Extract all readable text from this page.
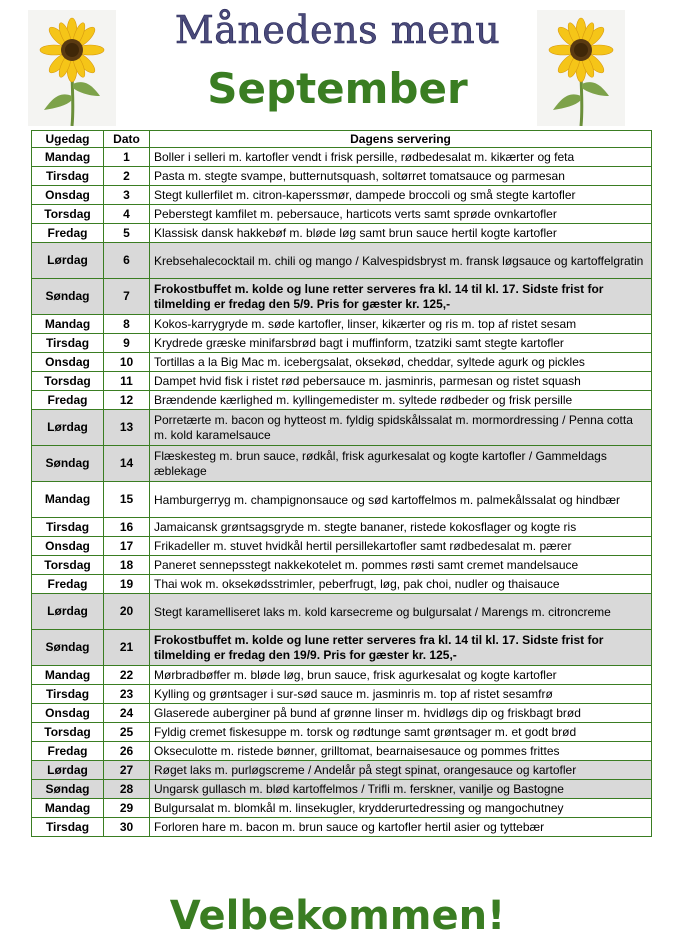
Månedens menu
September
Ugedag	Dato	Dagens servering
Mandag	1	Boller i selleri m. kartofler vendt i frisk persille, rødbedesalat m. kikærter og feta
Tirsdag	2	Pasta m. stegte svampe, butternutsquash, soltørret tomatsauce og parmesan
Onsdag	3	Stegt kullerfilet m. citron-kaperssmør, dampede broccoli og små stegte kartofler
Torsdag	4	Peberstegt kamfilet m. pebersauce, harticots verts samt sprøde ovnkartofler
Fredag	5	Klassisk dansk hakkebøf m. bløde løg samt brun sauce hertil kogte kartofler
Lørdag	6	Krebsehalecocktail m. chili og mango / Kalvespidsbryst m. fransk løgsauce og kartoffelgratin
Søndag	7	Frokostbuffet m. kolde og lune retter serveres fra kl. 14 til kl. 17. Sidste frist for tilmelding er fredag den 5/9. Pris for gæster kr. 125,-
Mandag	8	Kokos-karrygryde m. søde kartofler, linser, kikærter og ris m. top af ristet sesam
Tirsdag	9	Krydrede græske minifarsbrød bagt i muffinform, tzatziki samt stegte kartofler
Onsdag	10	Tortillas a la Big Mac m. icebergsalat, oksekød, cheddar, syltede agurk og pickles
Torsdag	11	Dampet hvid fisk i ristet rød pebersauce m. jasminris, parmesan og ristet squash
Fredag	12	Brændende kærlighed m. kyllingemedister m. syltede rødbeder og frisk persille
Lørdag	13	Porretærte m. bacon og hytteost m. fyldig spidskålssalat m. mormordressing / Penna cotta m. kold karamelsauce
Søndag	14	Flæskesteg m. brun sauce, rødkål, frisk agurkesalat og kogte kartofler / Gammeldags æblekage
Mandag	15	Hamburgerryg m. champignonsauce og sød kartoffelmos m. palmekålssalat og hindbær
Tirsdag	16	Jamaicansk grøntsagsgryde m. stegte bananer, ristede kokosflager og kogte ris
Onsdag	17	Frikadeller m. stuvet hvidkål hertil persillekartofler samt rødbedesalat m. pærer
Torsdag	18	Paneret sennepsstegt nakkekotelet m. pommes røsti samt cremet mandelsauce
Fredag	19	Thai wok m. oksekødsstrimler, peberfrugt, løg, pak choi, nudler og thaisauce
Lørdag	20	Stegt karamelliseret laks m. kold karsecreme og bulgursalat / Marengs m. citroncreme
Søndag	21	Frokostbuffet m. kolde og lune retter serveres fra kl. 14 til kl. 17. Sidste frist for tilmelding er fredag den 19/9. Pris for gæster kr. 125,-
Mandag	22	Mørbradbøffer m. bløde løg, brun sauce, frisk agurkesalat og kogte kartofler
Tirsdag	23	Kylling og grøntsager i sur-sød sauce m. jasminris m. top af ristet sesamfrø
Onsdag	24	Glaserede auberginer på bund af grønne linser m. hvidløgs dip og friskbagt brød
Torsdag	25	Fyldig cremet fiskesuppe m. torsk og rødtunge samt grøntsager m. et godt brød
Fredag	26	Okseculotte m. ristede bønner, grilltomat, bearnaisesauce og pommes frittes
Lørdag	27	Røget laks m. purløgscreme / Andelår på stegt spinat, orangesauce og kartofler
Søndag	28	Ungarsk gullasch m. blød kartoffelmos / Trifli m. ferskner, vanilje og Bastogne
Mandag	29	Bulgursalat m. blomkål m. linsekugler, krydderurtedressing og mangochutney
Tirsdag	30	Forloren hare m. bacon m. brun sauce og kartofler hertil asier og tyttebær
Velbekommen!
